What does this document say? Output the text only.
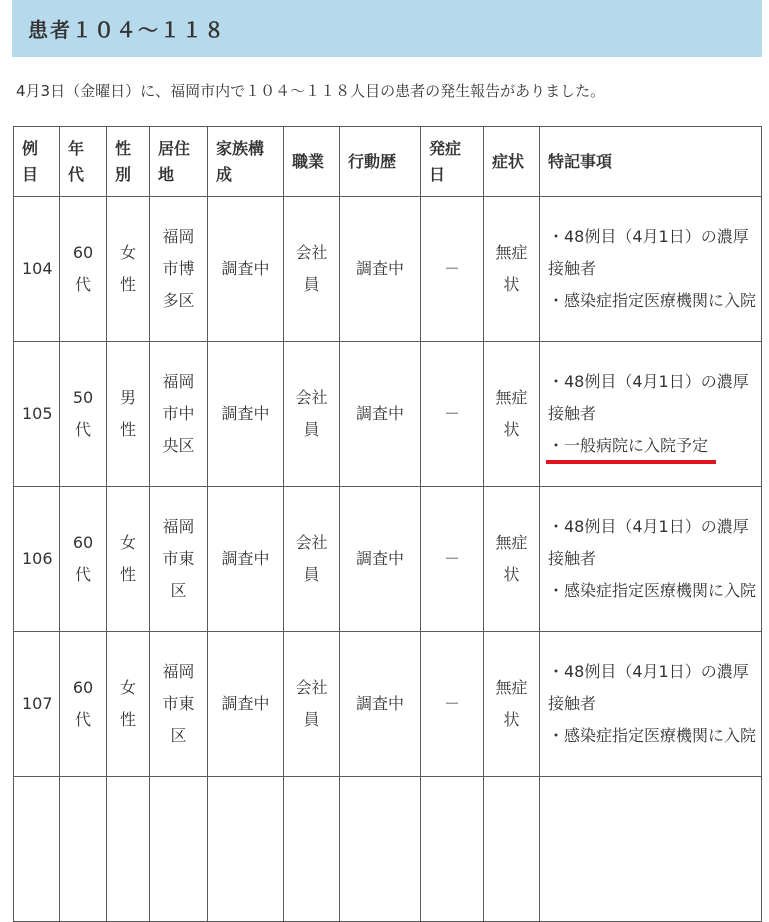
患者１０４～１１８
4月3日（金曜日）に、福岡市内で１０４～１１８人目の患者の発生報告がありました。
例目	年代	性別	居住地	家族構成	職業	行動歴	発症日	症状	特記事項
104	60代	女性	福岡市博多区	調査中	会社員	調査中	－	無症状	・48例目（4月1日）の濃厚接触者
・感染症指定医療機関に入院

105	50代	男性	福岡市中央区	調査中	会社員	調査中	－	無症状	・48例目（4月1日）の濃厚接触者
・一般病院に入院予定
106	60代	女性	福岡市東区	調査中	会社員	調査中	－	無症状	・48例目（4月1日）の濃厚接触者
・感染症指定医療機関に入院

107	60代	女性	福岡市東区	調査中	会社員	調査中	－	無症状	・48例目（4月1日）の濃厚接触者
・感染症指定医療機関に入院
